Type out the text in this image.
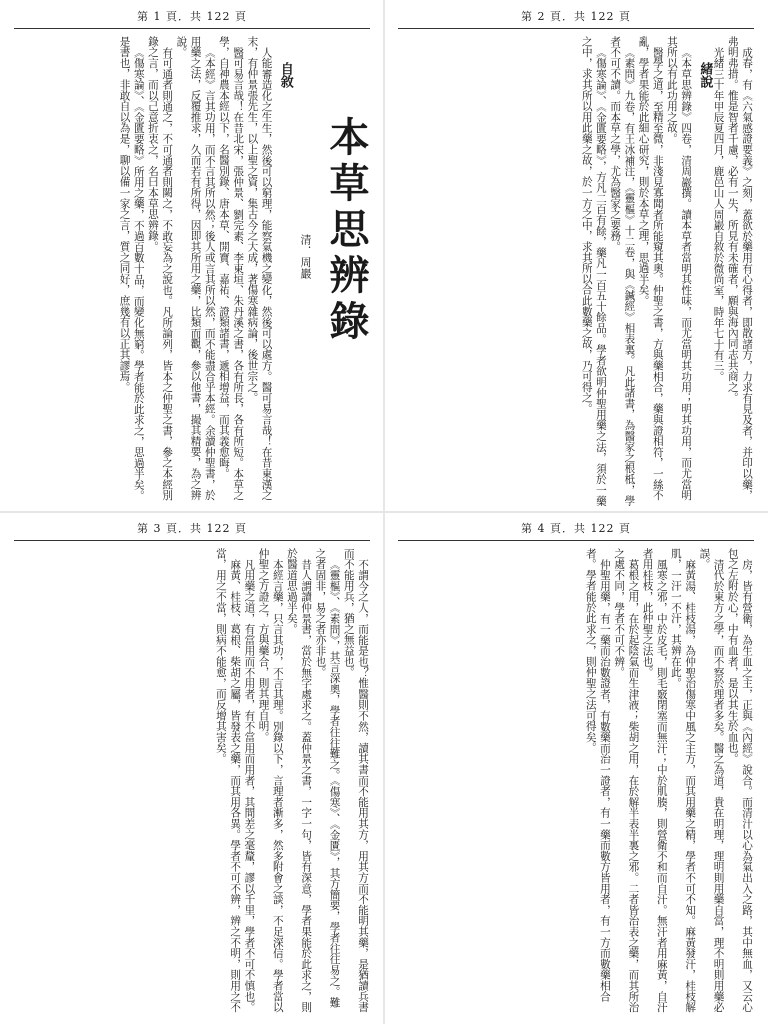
第 1 頁．共 122 頁
本草思辨錄
清．周巖
自敘

人能審造化之生生，然後可以窮理，能察氣機之變化，然後可以處方。醫可易言哉！在昔東漢之末，有仲景張先生，以上聖之資，集古今之大成，著傷寒雜病論，後世宗之。

醫可易言哉！在昔北宋，張仲景、劉完素、李東垣、朱丹溪之書，各有所長，各有所短。本草之學，自神農本經以下，名醫別錄、唐本草、開寶、嘉祐、證類諸書，遞相增益，而其義愈晦。

《本經》言其功用，而不言其所以然；後人或言其所以然，而不能盡合乎本經。余讀仲聖書，於用藥之法，反覆推求，久而若有所得，因即其所用之藥，比類而觀，參以他書，撮其精要，為之辨說。

有可通者則通之，不可通者則闕之，不敢妄為之說也。凡所論列，皆本之仲聖之書，參之本經別錄之言，而以己意折衷之，名曰本草思辨錄。

《傷寒論》、《金匱要略》所用之藥，不過百數十品，而變化無窮。學者能於此求之，思過半矣。是書也，非敢自以為是，聊以備一家之言，質之同好，庶幾有以正其謬焉。

第 2 頁．共 122 頁

成春，有《六氣感證要義》之刻，蓋欲於藥用有心得者，即散諸方，力求有見及者，并印以藥，弗明弗措。惟是智者千慮，必有一失，所見有未確者，願與海內同志共商之。

光緒三十年甲辰夏四月，鹿邑山人周巖自敘於微尚室，時年七十有三。

緒說

《本草思辨錄》四卷，清周巖撰。讀本草者當明其性味，而尤當明其功用；明其功用，而尤當明其所以有此功用之故。

醫學之道，至精至微，非淺見寡聞者所能窺其奧。仲聖之書，方與藥相合，藥與證相符，一絲不亂，學者果能於此細心研究，則於本草之理，思過半矣。

《素問》九卷，有王冰補注，《靈樞》十二卷，與《鍼經》相表裏。凡此諸書，為醫家之根柢，學者不可不讀。而本草之學，尤為醫家之要務。

《傷寒論》、《金匱要略》，方凡二百有餘，藥凡一百五十餘品。學者欲明仲聖用藥之法，須於一藥之中，求其所以用此藥之故，於一方之中，求其所以合此數藥之故，乃可得之。

第 3 頁．共 122 頁

不謂今之人，而能是也？惟醫則不然，讀其書而不能用其方，用其方而不能明其藥，是猶讀兵書而不能用兵，猶之無益也。

《靈樞》、《素問》，其言深奧，學者往往難之。《傷寒》、《金匱》，其方簡要，學者往往易之。難之者固非，易之者亦非也。

昔人謂讀仲景書，當於無字處求之。蓋仲景之書，一字一句，皆有深意，學者果能於此求之，則於醫道思過半矣。

本經言藥，只言其功，不言其理。別錄以下，言理者漸多，然多附會之談，不足深信。學者當以仲聖之方證之，方與藥合，則其理自明。

凡用藥之道，有當用而不用者，有不當用而用者，其間差之毫釐，謬以千里，學者不可不慎也。

麻黃、桂枝、葛根、柴胡之屬，皆發表之藥，而其用各異。學者不可不辨，辨之不明，則用之不當，用之不當，則病不能愈，而反增其害矣。

第 4 頁．共 122 頁

房，皆有營衛，為生血之主，正與《內經》說合。而清汁以心為氣出入之路，其中無血，又云心包之左附於心，中有血者，是以其生於血也。

清代於東方之學，而不察於理者多矣。醫之為道，貴在明理，理明則用藥自當，理不明則用藥必誤。

麻黃湯、桂枝湯，為仲聖治傷寒中風之主方，而其用藥之精，學者不可不知。麻黃發汗，桂枝解肌，一汗一不汗，其辨在此。

風寒之邪，中於皮毛，則毛竅閉塞而無汗；中於肌腠，則營衛不和而自汗。無汗者用麻黃，自汗者用桂枝，此仲聖之法也。

葛根之用，在於起陰氣而生津液；柴胡之用，在於解半表半裏之邪。二者皆治表之藥，而其所治之處不同，學者不可不辨。

仲聖用藥，有一藥而治數證者，有數藥而治一證者，有一藥而數方皆用者，有一方而數藥相合者。學者能於此求之，則仲聖之法可得矣。
